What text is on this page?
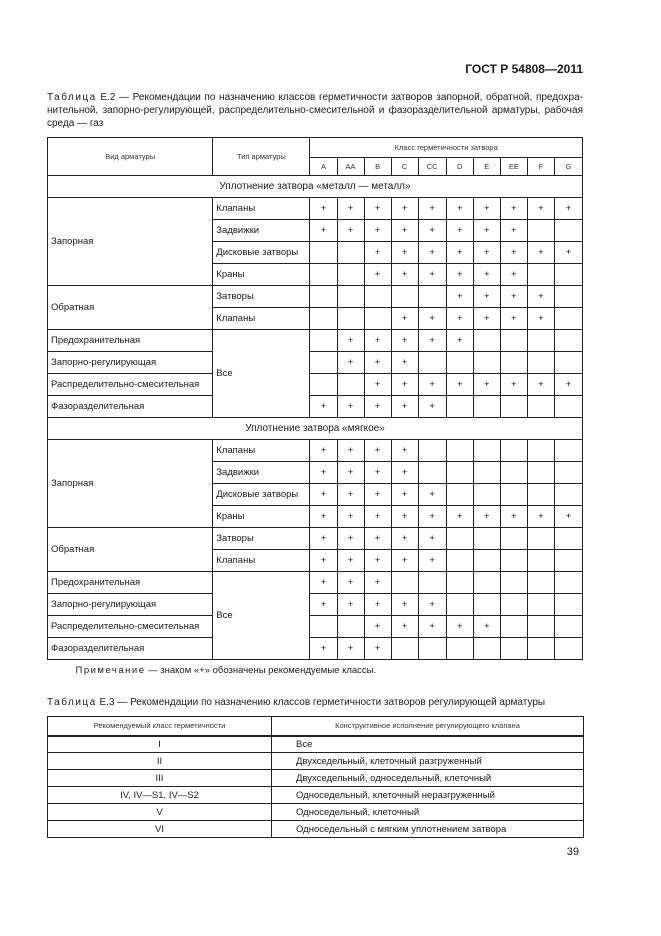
ГОСТ Р 54808—2011
Таблица Е.2 — Рекомендации по назначению классов герметичности затворов запорной, обратной, предохра-нительной, запорно-регулирующей, распределительно-смесительной и фазоразделительной арматуры, рабочая среда — газ
Вид арматуры	Тип арматуры	Класс герметичности затвора									
		A	AA	B	C	CC	D	E	EE	F	G
Уплотнение затвора «металл — металл»											
Запорная	Клапаны	+	+	+	+	+	+	+	+	+	+
	Задвижки	+	+	+	+	+	+	+	+		
	Дисковые затворы			+	+	+	+	+	+	+	+
	Краны			+	+	+	+	+	+		
Обратная	Затворы						+	+	+	+	
	Клапаны				+	+	+	+	+	+	
Предохранительная	Все		+	+	+	+	+				
Запорно-регулирующая			+	+	+						
Распределительно-смесительная				+	+	+	+	+	+	+	+
Фазоразделительная		+	+	+	+	+					
Уплотнение затвора «мягкое»											
Запорная	Клапаны	+	+	+	+						
	Задвижки	+	+	+	+						
	Дисковые затворы	+	+	+	+	+					
	Краны	+	+	+	+	+	+	+	+	+	+
Обратная	Затворы	+	+	+	+	+					
	Клапаны	+	+	+	+	+					
Предохранительная	Все	+	+	+							
Запорно-регулирующая		+	+	+	+	+					
Распределительно-смесительная				+	+	+	+	+			
Фазоразделительная		+	+	+							
Примечание — знаком «+» обозначены рекомендуемые классы.											
Таблица Е.3 — Рекомендации по назначению классов герметичности затворов регулирующей арматуры
Рекомендуемый класс герметичности	Конструктивное исполнение регулирующего клапана
I	Все
II	Двухседельный, клеточный разгруженный
III	Двухседельный, односедельный, клеточный
IV, IV—S1, IV—S2	Односедельный, клеточный неразгруженный
V	Односедельный, клеточный
VI	Односедельный с мягким уплотнением затвора
39
